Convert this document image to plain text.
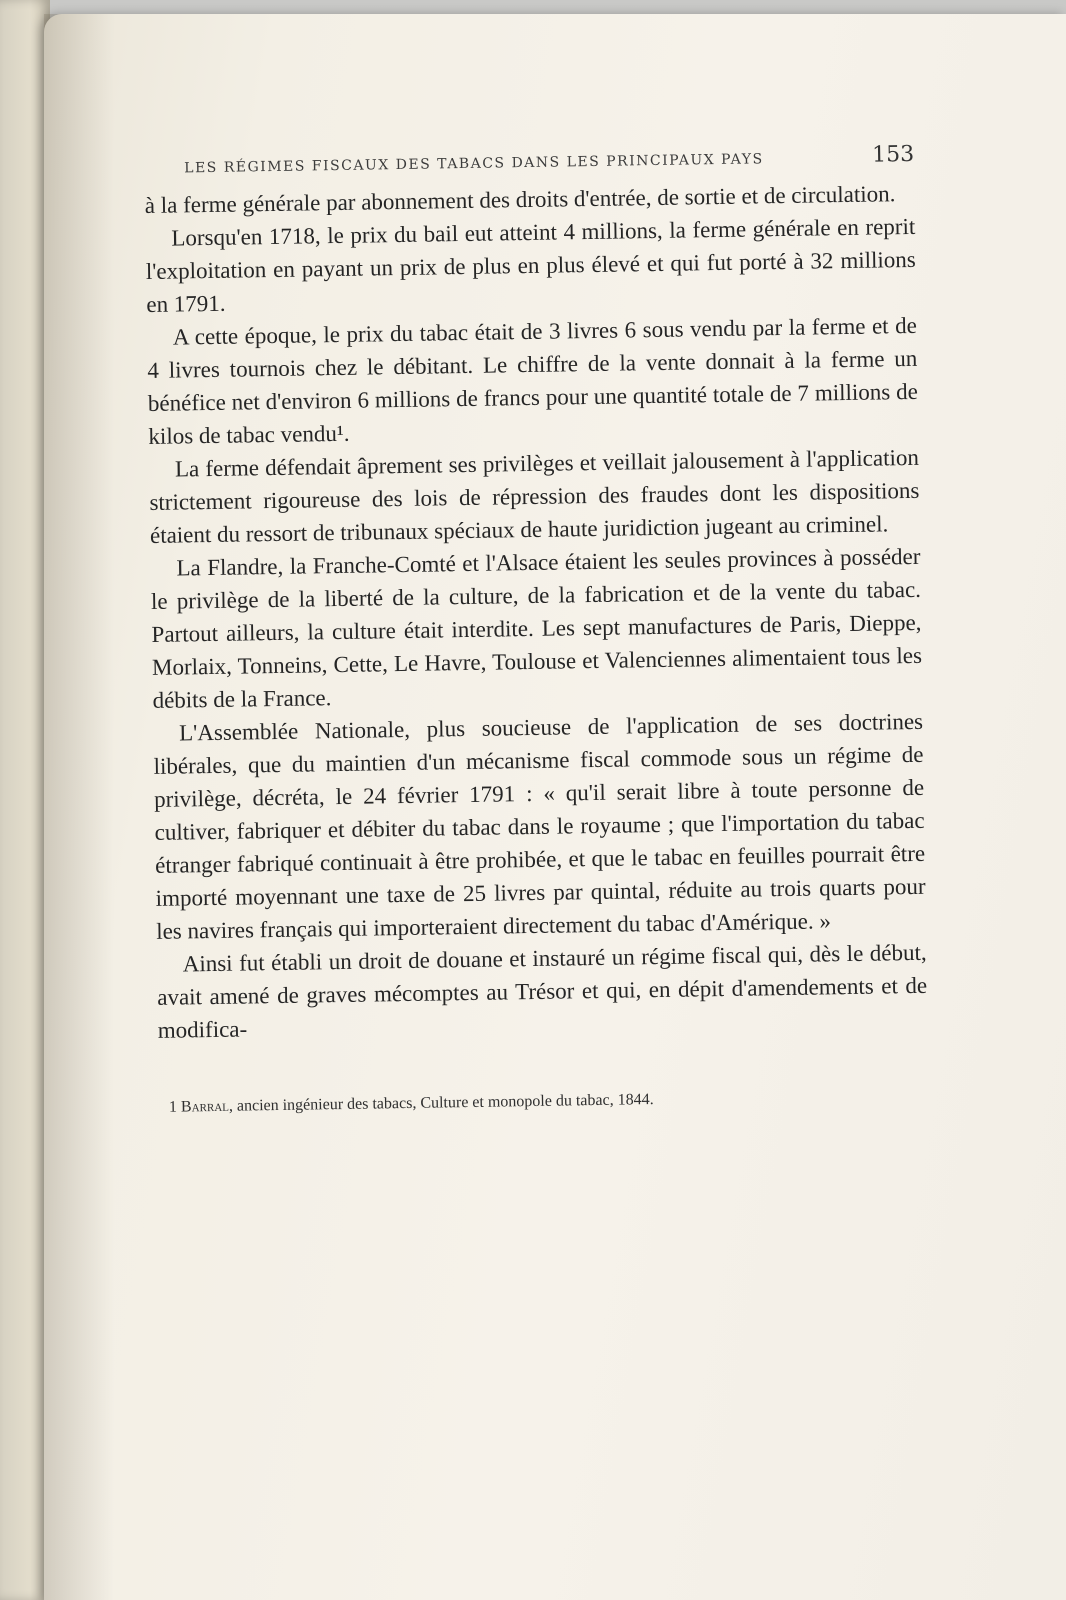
LES RÉGIMES FISCAUX DES TABACS DANS LES PRINCIPAUX PAYS	153

à la ferme générale par abonnement des droits d'entrée, de sortie et de circulation.

Lorsqu'en 1718, le prix du bail eut atteint 4 millions, la ferme générale en reprit l'exploitation en payant un prix de plus en plus élevé et qui fut porté à 32 millions en 1791.

A cette époque, le prix du tabac était de 3 livres 6 sous vendu par la ferme et de 4 livres tournois chez le débitant. Le chiffre de la vente donnait à la ferme un bénéfice net d'environ 6 millions de francs pour une quantité totale de 7 millions de kilos de tabac vendu¹.

La ferme défendait âprement ses privilèges et veillait jalousement à l'application strictement rigoureuse des lois de répression des fraudes dont les dispositions étaient du ressort de tribunaux spéciaux de haute juridiction jugeant au criminel.

La Flandre, la Franche-Comté et l'Alsace étaient les seules provinces à posséder le privilège de la liberté de la culture, de la fabrication et de la vente du tabac. Partout ailleurs, la culture était interdite. Les sept manufactures de Paris, Dieppe, Morlaix, Tonneins, Cette, Le Havre, Toulouse et Valenciennes alimentaient tous les débits de la France.

L'Assemblée Nationale, plus soucieuse de l'application de ses doctrines libérales, que du maintien d'un mécanisme fiscal commode sous un régime de privilège, décréta, le 24 février 1791 : « qu'il serait libre à toute personne de cultiver, fabriquer et débiter du tabac dans le royaume ; que l'importation du tabac étranger fabriqué continuait à être prohibée, et que le tabac en feuilles pourrait être importé moyennant une taxe de 25 livres par quintal, réduite au trois quarts pour les navires français qui importeraient directement du tabac d'Amérique. »

Ainsi fut établi un droit de douane et instauré un régime fiscal qui, dès le début, avait amené de graves mécomptes au Trésor et qui, en dépit d'amendements et de modifica-

1 Barral, ancien ingénieur des tabacs, Culture et monopole du tabac, 1844.
